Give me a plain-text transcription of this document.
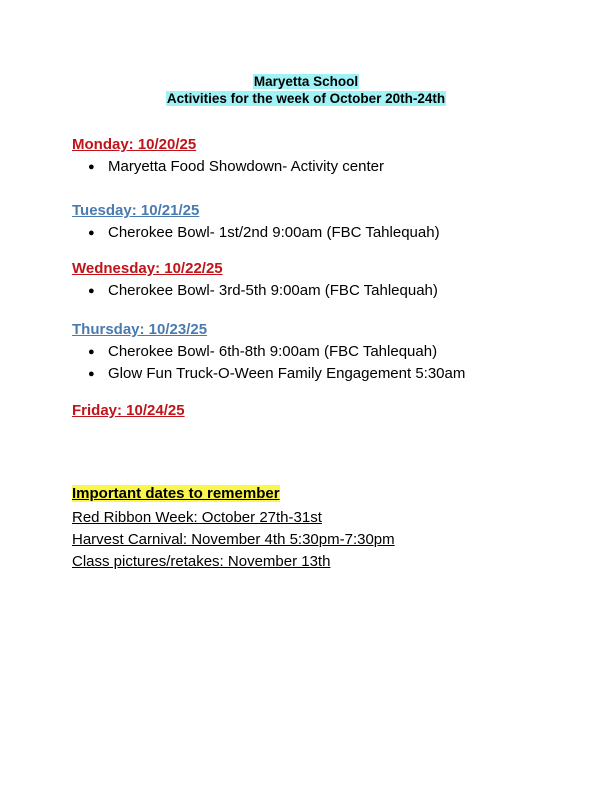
Maryetta School
Activities for the week of October 20th-24th

Monday: 10/20/25

● Maryetta Food Showdown- Activity center

Tuesday: 10/21/25

● Cherokee Bowl- 1st/2nd 9:00am (FBC Tahlequah)

Wednesday: 10/22/25

● Cherokee Bowl- 3rd-5th 9:00am (FBC Tahlequah)

Thursday: 10/23/25

● Cherokee Bowl- 6th-8th 9:00am (FBC Tahlequah)
● Glow Fun Truck-O-Ween Family Engagement 5:30am

Friday: 10/24/25

Important dates to remember

Red Ribbon Week: October 27th-31st
Harvest Carnival: November 4th 5:30pm-7:30pm
Class pictures/retakes: November 13th
